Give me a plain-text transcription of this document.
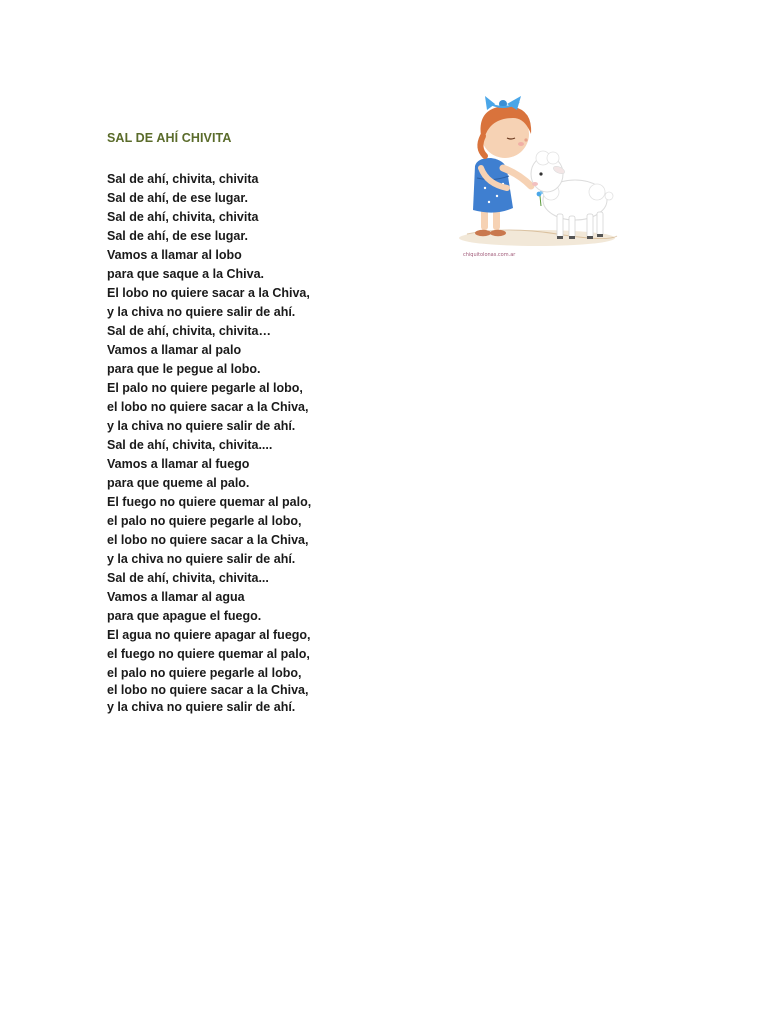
SAL DE AHÍ CHIVITA
Sal de ahí, chivita, chivita
Sal de ahí, de ese lugar.
Sal de ahí, chivita, chivita
Sal de ahí, de ese lugar.
Vamos a llamar al lobo
para que saque a la Chiva.
El lobo no quiere sacar a la Chiva,
y la chiva no quiere salir de ahí.
Sal de ahí, chivita, chivita…
Vamos a llamar al palo
para que le pegue al lobo.
El palo no quiere pegarle al lobo,
el lobo no quiere sacar a la Chiva,
y la chiva no quiere salir de ahí.
Sal de ahí, chivita, chivita....
Vamos a llamar al fuego
para que queme al palo.
El fuego no quiere quemar al palo,
el palo no quiere pegarle al lobo,
el lobo no quiere sacar a la Chiva,
y la chiva no quiere salir de ahí.
Sal de ahí, chivita, chivita...
Vamos a llamar al agua
para que apague el fuego.
El agua no quiere apagar al fuego,
el fuego no quiere quemar al palo,
el palo no quiere pegarle al lobo,
el lobo no quiere sacar a la Chiva,
y la chiva no quiere salir de ahí.
chiquitolonas.com.ar
